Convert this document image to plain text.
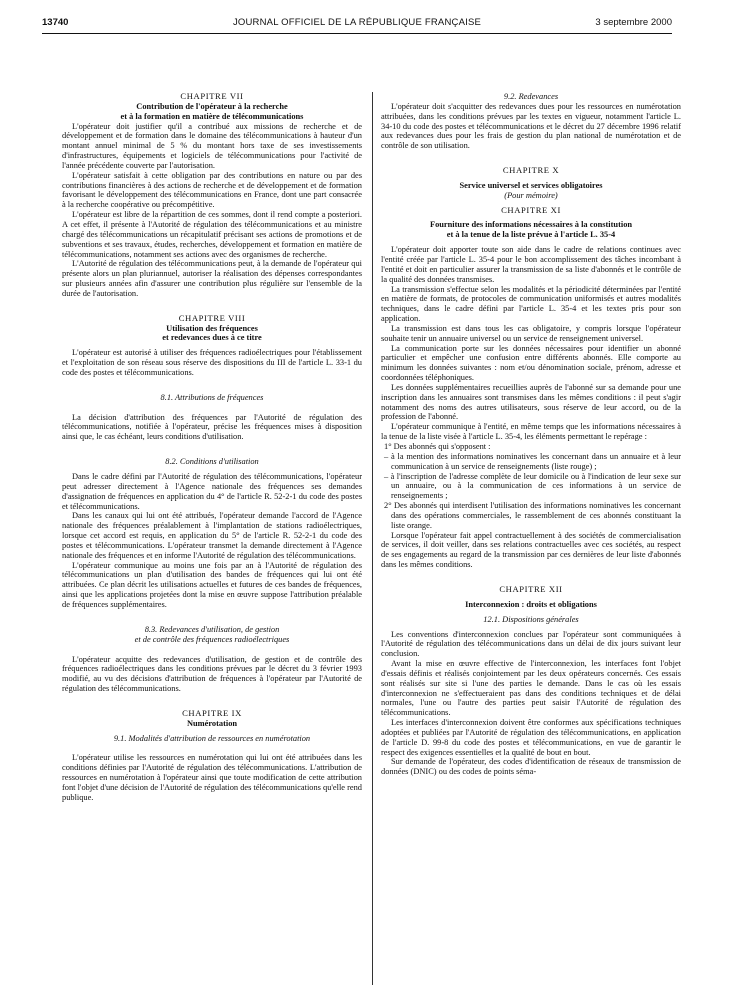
13740	JOURNAL OFFICIEL DE LA RÉPUBLIQUE FRANÇAISE	3 septembre 2000
CHAPITRE VII
Contribution de l'opérateur à la recherche
et à la formation en matière de télécommunications

L'opérateur doit justifier qu'il a contribué aux missions de recherche et de développement et de formation dans le domaine des télécommunications à hauteur d'un montant annuel minimal de 5 % du montant hors taxe de ses investissements d'infrastructures, équipements et logiciels de télécommunications pour l'activité de l'année précédente couverte par l'autorisation.

L'opérateur satisfait à cette obligation par des contributions en nature ou par des contributions financières à des actions de recherche et de développement et de formation favorisant le développement des télécommunications en France, dont une part consacrée à la recherche coopérative ou précompétitive.

L'opérateur est libre de la répartition de ces sommes, dont il rend compte a posteriori. A cet effet, il présente à l'Autorité de régulation des télécommunications et au ministre chargé des télécommunications un récapitulatif précisant ses actions de promotions et de subventions et ses travaux, études, recherches, développement et formation en matière de télécommunications, notamment ses actions avec des organismes de recherche.

L'Autorité de régulation des télécommunications peut, à la demande de l'opérateur qui présente alors un plan pluriannuel, autoriser la réalisation des dépenses correspondantes sur plusieurs années afin d'assurer une contribution plus régulière sur l'ensemble de la durée de l'autorisation.

CHAPITRE VIII
Utilisation des fréquences
et redevances dues à ce titre

L'opérateur est autorisé à utiliser des fréquences radioélectriques pour l'établissement et l'exploitation de son réseau sous réserve des dispositions du III de l'article L. 33-1 du code des postes et télécommunications.

8.1. Attributions de fréquences

La décision d'attribution des fréquences par l'Autorité de régulation des télécommunications, notifiée à l'opérateur, précise les fréquences mises à disposition ainsi que, le cas échéant, leurs conditions d'utilisation.

8.2. Conditions d'utilisation

Dans le cadre défini par l'Autorité de régulation des télécommunications, l'opérateur peut adresser directement à l'Agence nationale des fréquences ses demandes d'assignation de fréquences en application du 4° de l'article R. 52-2-1 du code des postes et télécommunications.

Dans les canaux qui lui ont été attribués, l'opérateur demande l'accord de l'Agence nationale des fréquences préalablement à l'implantation de stations radioélectriques, lorsque cet accord est requis, en application du 5° de l'article R. 52-2-1 du code des postes et télécommunications. L'opérateur transmet la demande directement à l'Agence nationale des fréquences et en informe l'Autorité de régulation des télécommunications.

L'opérateur communique au moins une fois par an à l'Autorité de régulation des télécommunications un plan d'utilisation des bandes de fréquences qui lui ont été attribuées. Ce plan décrit les utilisations actuelles et futures de ces bandes de fréquences, ainsi que les applications projetées dont la mise en œuvre suppose l'attribution préalable de fréquences supplémentaires.

8.3. Redevances d'utilisation, de gestion
et de contrôle des fréquences radioélectriques

L'opérateur acquitte des redevances d'utilisation, de gestion et de contrôle des fréquences radioélectriques dans les conditions prévues par le décret du 3 février 1993 modifié, au vu des décisions d'attribution de fréquences à l'opérateur par l'Autorité de régulation des télécommunications.

CHAPITRE IX
Numérotation
9.1. Modalités d'attribution de ressources en numérotation

L'opérateur utilise les ressources en numérotation qui lui ont été attribuées dans les conditions définies par l'Autorité de régulation des télécommunications. L'attribution de ressources en numérotation à l'opérateur ainsi que toute modification de cette attribution font l'objet d'une décision de l'Autorité de régulation des télécommunications qu'elle rend publique.

9.2. Redevances

L'opérateur doit s'acquitter des redevances dues pour les ressources en numérotation attribuées, dans les conditions prévues par les textes en vigueur, notamment l'article L. 34-10 du code des postes et télécommunications et le décret du 27 décembre 1996 relatif aux redevances dues pour les frais de gestion du plan national de numérotation et de contrôle de son utilisation.

CHAPITRE X
Service universel et services obligatoires
(Pour mémoire)
CHAPITRE XI
Fourniture des informations nécessaires à la constitution
et à la tenue de la liste prévue à l'article L. 35-4

L'opérateur doit apporter toute son aide dans le cadre de relations continues avec l'entité créée par l'article L. 35-4 pour le bon accomplissement des tâches incombant à l'entité et doit en particulier assurer la transmission de sa liste d'abonnés et le contrôle de la qualité des données transmises.

La transmission s'effectue selon les modalités et la périodicité déterminées par l'entité en matière de formats, de protocoles de communication uniformisés et autres modalités techniques, dans le cadre défini par l'article L. 35-4 et les textes pris pour son application.

La transmission est dans tous les cas obligatoire, y compris lorsque l'opérateur souhaite tenir un annuaire universel ou un service de renseignement universel.

La communication porte sur les données nécessaires pour identifier un abonné particulier et empêcher une confusion entre différents abonnés. Elle comporte au minimum les données suivantes : nom et/ou dénomination sociale, prénom, adresse et coordonnées téléphoniques.

Les données supplémentaires recueillies auprès de l'abonné sur sa demande pour une inscription dans les annuaires sont transmises dans les mêmes conditions : il peut s'agir notamment des noms des autres utilisateurs, sous réserve de leur accord, ou de la profession de l'abonné.

L'opérateur communique à l'entité, en même temps que les informations nécessaires à la tenue de la liste visée à l'article L. 35-4, les éléments permettant le repérage :

1° Des abonnés qui s'opposent :
– à la mention des informations nominatives les concernant dans un annuaire et à leur communication à un service de renseignements (liste rouge) ;
– à l'inscription de l'adresse complète de leur domicile ou à l'indication de leur sexe sur un annuaire, ou à la communication de ces informations à un service de renseignements ;
2° Des abonnés qui interdisent l'utilisation des informations nominatives les concernant dans des opérations commerciales, le rassemblement de ces abonnés constituant la liste orange.

Lorsque l'opérateur fait appel contractuellement à des sociétés de commercialisation de services, il doit veiller, dans ses relations contractuelles avec ces sociétés, au respect de ses engagements au regard de la transmission par ces dernières de leur liste d'abonnés dans les mêmes conditions.

CHAPITRE XII
Interconnexion : droits et obligations
12.1. Dispositions générales

Les conventions d'interconnexion conclues par l'opérateur sont communiquées à l'Autorité de régulation des télécommunications dans un délai de dix jours suivant leur conclusion.

Avant la mise en œuvre effective de l'interconnexion, les interfaces font l'objet d'essais définis et réalisés conjointement par les deux opérateurs concernés. Ces essais sont réalisés sur site si l'une des parties le demande. Dans le cas où les essais d'interconnexion ne s'effectueraient pas dans des conditions techniques et de délai normales, l'une ou l'autre des parties peut saisir l'Autorité de régulation des télécommunications.

Les interfaces d'interconnexion doivent être conformes aux spécifications techniques adoptées et publiées par l'Autorité de régulation des télécommunications, en application de l'article D. 99-8 du code des postes et télécommunications, en vue de garantir le respect des exigences essentielles et la qualité de bout en bout.

Sur demande de l'opérateur, des codes d'identification de réseaux de transmission de données (DNIC) ou des codes de points séma-
